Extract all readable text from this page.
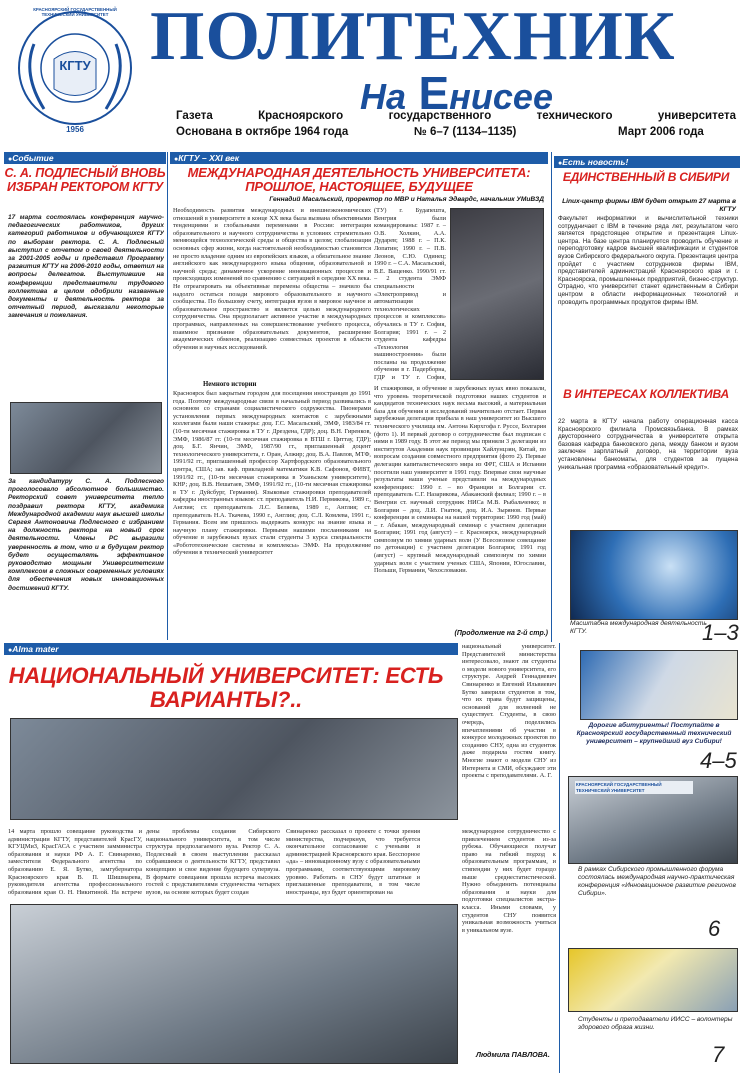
КГТУ
КРАСНОЯРСКИЙ ГОСУДАРСТВЕННЫЙ ТЕХНИЧЕСКИЙ УНИВЕРСИТЕТ
1956
ПОЛИТЕХНИК
На Енисее
Газета Красноярского государственного технического университета
Основана в октябре 1964 года	№ 6–7 (1134–1135)	Март 2006 года
● Событие
С. А. ПОДЛЕСНЫЙ ВНОВЬ ИЗБРАН РЕКТОРОМ КГТУ
17 марта состоялась конференция научно-педагогических работников, других категорий работников и обучающихся КГТУ по выборам ректора. С. А. Подлесный выступил с отчетом о своей деятельности за 2001-2005 годы и представил Программу развития КГТУ на 2006-2010 годы, ответил на вопросы делегатов. Выступившие на конференции представители трудового коллектива в целом одобрили названные документы и деятельность ректора за отчетный период, высказали некоторые замечания и пожелания.
За кандидатуру С. А. Подлесного проголосовало абсолютное большинство. Ректорский совет университета тепло поздравил ректора КГТУ, академика Международной академии наук высшей школы Сергея Антоновича Подлесного с избранием на должность ректора на новый срок деятельности. Члены РС выразили уверенность в том, что и в будущем ректор будет осуществлять эффективное руководство мощным Университетским комплексом в сложных современных условиях для обеспечения новых инновационных достижений КГТУ.
● КГТУ – XXI век
МЕЖДУНАРОДНАЯ ДЕЯТЕЛЬНОСТЬ УНИВЕРСИТЕТА: ПРОШЛОЕ, НАСТОЯЩЕЕ, БУДУЩЕЕ
Геннадий Масальский, проректор по МВР и Наталья Эдвардс, начальник УМиВЗД
Необходимость развития международных и внешнеэкономических отношений в университете в конце XX века была вызвана объективными тенденциями и глобальными переменами в России: интеграция образовательного и научного сотрудничества в условиях стремительно меняющейся технологической среды и общества в целом; глобализация основных сфер жизни, когда настоятельной необходимостью становится не просто владение одним из европейских языков, а обязательное знание английского как международного языка общения, образовательной и научной среды; динамичное ускорение инновационных процессов и происходящих изменений по сравнению с ситуацией в середине XX века. Не отреагировать на объективные перемены общества – значило бы надолго остаться позади мирового образовательного и научного сообщества. По большому счету, интеграция вузов в мировое научное и образовательное пространство и является целью международного сотрудничества. Она предполагает активное участие в международных программах, направленных на совершенствование учебного процесса, взаимное признание образовательных документов, расширение академических обменов, реализацию совместных проектов в области обучения и научных исследований.
Немного истории
Красноярск был закрытым городом для посещения иностранцев до 1991 года. Поэтому международные связи в начальный период развивались в основном со странами социалистического содружества. Пионерами установления первых международных контактов с зарубежными коллегами были наши стажеры: доц. Г.С. Масальский, ЭМФ, 1983/84 гг. (10-ти месячная стажировка в ТУ г. Дрездена, ГДР); доц. В.Н. Гиренков, ЭМФ, 1986/87 гг. (10-ти месячная стажировка в ВТШ г. Циттау, ГДР); доц. Б.Г. Янчин, ЭМФ, 1987/90 гг., приглашенный доцент технологического университета, г. Оран, Алжир; доц. В.А. Павлов, МТФ, 1991/92 гг., приглашенный профессор Хартфордского образовательного центра, США; зав. каф. прикладной математики К.В. Сафонов, ФИВТ, 1991/92 гг., (10-ти месячная стажировка в Уханьском университете), КНР; доц. В.В. Нешатаев, ЭМФ, 1991/92 гг., (10-ти месячная стажировка в ТУ г. Дуйсбург, Германия). Языковые стажировки преподавателей кафедры иностранных языков: ст. преподаватель Н.И. Пермякова, 1989 г., Англия; ст. преподаватель Л.С. Беляева, 1989 г., Англия; ст. преподаватель Н.А. Ткачева, 1990 г., Англия; доц. С.Л. Комлева, 1991 г., Германия. Всем им пришлось выдержать конкурс на знание языка и научную плану стажировки. Первыми нашими посланниками на обучение в зарубежных вузах стали студенты 3 курса специальности «Робототехнические системы и комплексы» ЭМФ. На продолжение обучения в технический университет
(ТУ) г. Будапешта, Венгрия были командированы: 1987 г. – О.В. Холкин, А.А. Дударев; 1988 г. – П.К. Лопатин; 1990 г. – П.В. Леонов, С.Ю. Одинец; 1990 г. – С.А. Масальский, В.Е. Ващенко. 1990/91 гг. – 2 студента ЭМФ специальности «Электропривод и автоматизация технологических процессов и комплексов» обучались в ТУ г. София, Болгария; 1991 г. – 2 студента кафедры «Технология машиностроения» были посланы на продолжение обучения в г. Падерборна, ГДР и ТУ г. София,
И стажировки, и обучение в зарубежных вузах явно показали, что уровень теоретической подготовки наших студентов и кандидатов технических наук весьма высокий, а материальная база для обучения и исследований значительно отстает. Первая зарубежная делегация прибыла в наш университет из Высшего технического училища им. Антона Кирхгофа г. Руссе, Болгария (фото 1). И первый договор о сотрудничестве был подписан с ними в 1989 году. В этот же период мы приняли 3 делегации из институтов Академии наук провинции Хайлунцзян, Китай, по вопросам создания совместного предприятия (фото 2). Первые делегации капиталистического мира из ФРГ, США и Испании посетили наш университет в 1991 году. Впервые свои научные результаты наши ученые представили на международных конференциях: 1990 г. – во Франции и Болгарии ст. преподаватель С.Г. Назарикова, Абаканский филиал; 1990 г. – в Венгрии ст. научный сотрудник НИСа М.В. Рыбальченко; в Болгарии – доц. Л.И. Гнатюк, доц. И.А. Зырянов. Первые конференции и семинары на нашей территории: 1990 год (май) – г. Абакан, международный семинар с участием делегации Болгарии; 1991 год (август) – г. Красноярск, международный симпозиум по химии ударных волн (У Всесоюзное совещание по детонации) с участием делегации Болгарии; 1991 год (август) – крупный международный симпозиум по химии ударных волн с участием ученых США, Японии, Югославии, Польши, Германии, Чехословакии.
(Продолжение на 2-й стр.)
● Есть новость!
ЕДИНСТВЕННЫЙ В СИБИРИ
Linux-центр фирмы IBM будет открыт 27 марта в КГТУ
Факультет информатики и вычислительной техники сотрудничает с IBM в течение ряда лет, результатом чего является предстоящее открытие и презентация Linux-центра. На базе центра планируется проводить обучение и переподготовку кадров высшей квалификации и студентов вузов Сибирского федерального округа. Презентация центра пройдет с участием сотрудников фирмы IBM, представителей администраций Красноярского края и г. Красноярска, промышленных предприятий, бизнес-структур. Отрадно, что университет станет единственным в Сибири центром в области информационных технологий и проводить программных продуктов фирмы IBM.
В ИНТЕРЕСАХ КОЛЛЕКТИВА
22 марта в КГТУ начала работу операционная касса Красноярского филиала Промсвязьбанка. В рамках двустороннего сотрудничества в университете открыта базовая кафедра банковского дела, между банком и вузом заключен зарплатный договор, на территории вуза установлены банкоматы, для студентов за пущена уникальная программа «образовательный кредит».
Масштабна международная деятельность КГТУ.	1–3
Дорогие абитуриенты! Поступайте в Красноярский государственный технический университет – крупнейший вуз Сибири!
4–5
КРАСНОЯРСКИЙ ГОСУДАРСТВЕННЫЙ ТЕХНИЧЕСКИЙ УНИВЕРСИТЕТ
В рамках Сибирского промышленного форума состоялась международная научно-практическая конференция «Инновационное развитие регионов Сибири».
6
Студенты и преподаватели ИИСС – волонтеры здорового образа жизни.
7
● Alma mater
НАЦИОНАЛЬНЫЙ УНИВЕРСИТЕТ: ЕСТЬ ВАРИАНТЫ?..
национальный университет. Представителей министерства интересовало, знают ли студенты о модели нового университета, его структуре. Андрей Геннадиевич Свинаренко и Евгений Ильвиевич Бутко заверили студентов в том, что их права будут защищены, оснований для волнений не существует. Студенты, в свою очередь, поделились впечатлениями об участии в конкурсе молодежных проектов по созданию СНУ, одна из студенток даже подарила гостям книгу. Многие знают о модели СНУ из Интернета и СМИ, обсуждают эти проекты с преподавателями. А. Г.
14 марта прошло совещание руководства и администрации КГТУ, представителей КрасГУ, КГУЦМиЗ, КрасГАСА с участием замминистра образования и науки РФ А. Г. Свинаренко, заместителя Федерального агентства по образованию Е. Я. Бутко, замгубернатора Красноярского края В. П. Шишмарева, руководителя агентства профессионального образования края О. Н. Никитиной. На встрече
дены проблемы создания Сибирского национального университета, в том числе структура предполагаемого вуза. Ректор С. А. Подлесный в своем выступлении рассказал собравшимся о деятельности КГТУ, представил концепцию и свое видение будущего супервуза. В формате совещания прошла встреча высоких гостей с представителями студенчества четырех вузов, на основе которых будет создан
Свинаренко рассказал о проекте с точки зрения министерства, подчеркнув, что требуется окончательное согласование с учеными и администрацией Красноярского края. Бесспорное «да» – инновационному вузу с образовательными программами, соответствующими мировому уровню. Работать в СНУ будут штатные и приглашенные преподаватели, в том числе иностранцы, вуз будет ориентирован на
международное сотрудничество с привлечением студентов из-за рубежа. Обучающиеся получат право на гибкий подход к образовательным программам, и стипендии у них будет гораздо выше среднестатистической. Нужно объединить потенциалы образования и науки для подготовки специалистов экстра-класса. Иными словами, у студентов СНУ появится уникальная возможность учиться в уникальном вузе.
Людмила ПАВЛОВА.
